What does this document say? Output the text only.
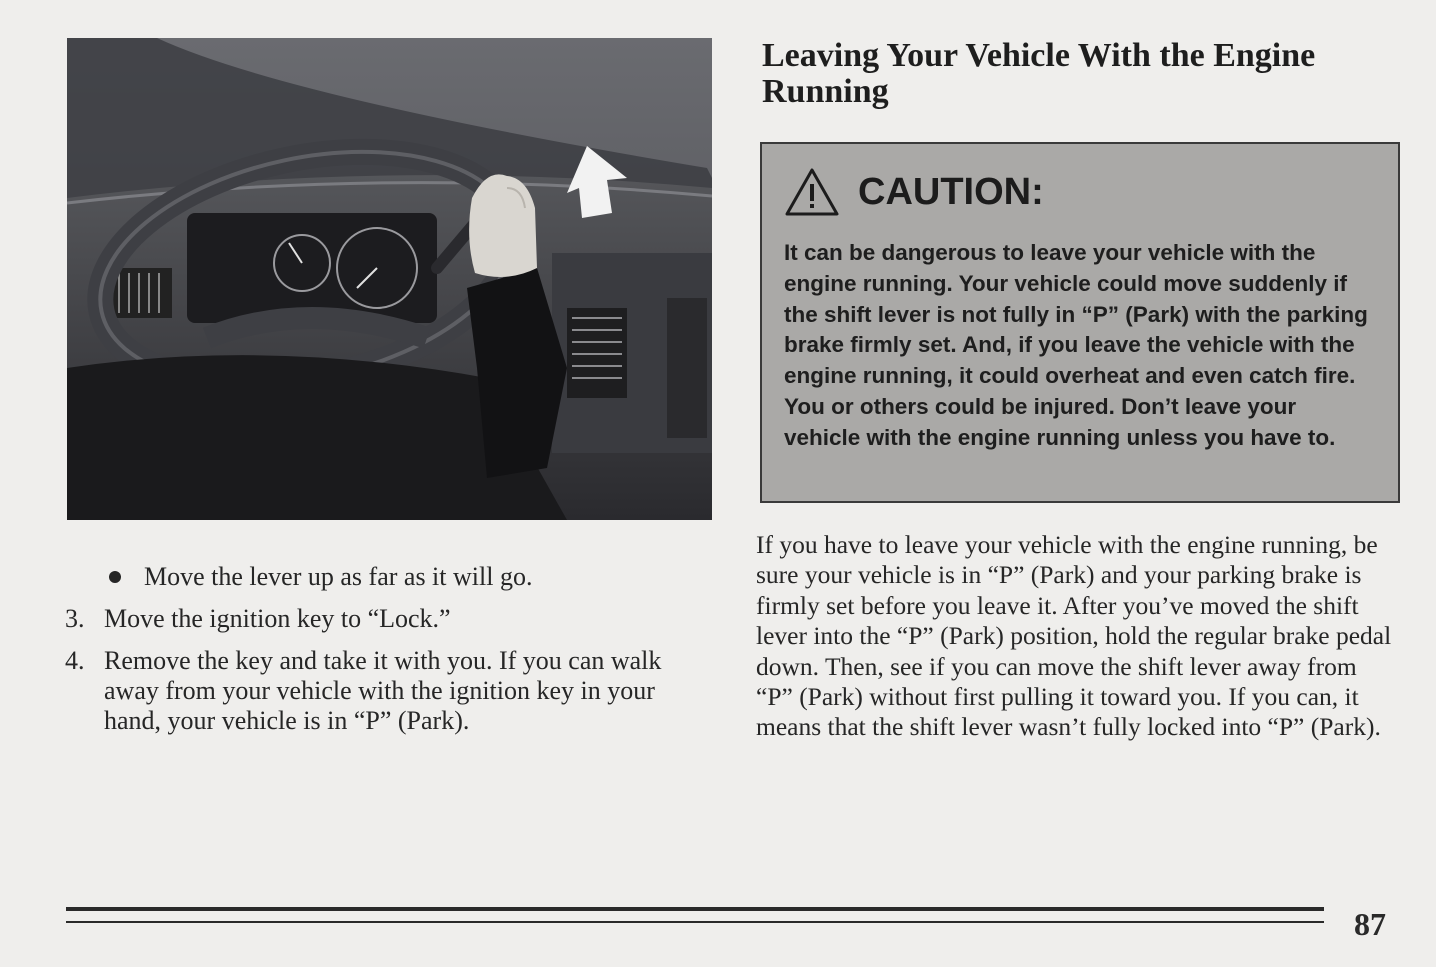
Move the lever up as far as it will go.
3. Move the ignition key to “Lock.”
4. Remove the key and take it with you. If you can walk away from your vehicle with the ignition key in your hand, your vehicle is in “P” (Park).
Leaving Your Vehicle With the Engine Running
CAUTION:
It can be dangerous to leave your vehicle with the engine running. Your vehicle could move suddenly if the shift lever is not fully in “P” (Park) with the parking brake firmly set. And, if you leave the vehicle with the engine running, it could overheat and even catch fire. You or others could be injured. Don’t leave your vehicle with the engine running unless you have to.

If you have to leave your vehicle with the engine running, be sure your vehicle is in “P” (Park) and your parking brake is firmly set before you leave it. After you’ve moved the shift lever into the “P” (Park) position, hold the regular brake pedal down. Then, see if you can move the shift lever away from “P” (Park) without first pulling it toward you. If you can, it means that the shift lever wasn’t fully locked into “P” (Park).

87
